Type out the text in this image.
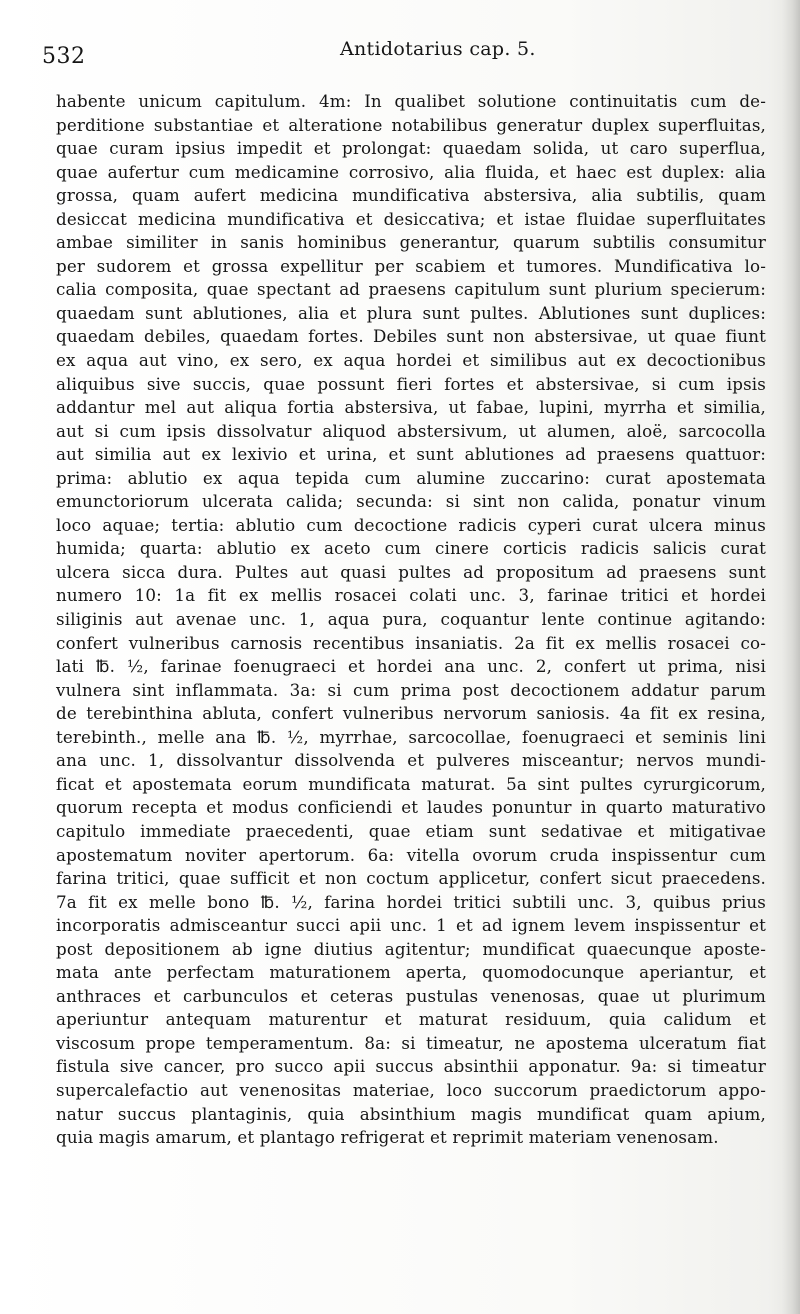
532	Antidotarius cap. 5.
habente unicum capitulum. 4m: In qualibet solutione continuitatis cum de-
perditione substantiae et alteratione notabilibus generatur duplex superfluitas,
quae curam ipsius impedit et prolongat: quaedam solida, ut caro superflua,
quae aufertur cum medicamine corrosivo, alia fluida, et haec est duplex: alia
grossa, quam aufert medicina mundificativa abstersiva, alia subtilis, quam
desiccat medicina mundificativa et desiccativa; et istae fluidae superfluitates
ambae similiter in sanis hominibus generantur, quarum subtilis consumitur
per sudorem et grossa expellitur per scabiem et tumores. Mundificativa lo-
calia composita, quae spectant ad praesens capitulum sunt plurium specierum:
quaedam sunt ablutiones, alia et plura sunt pultes. Ablutiones sunt duplices:
quaedam debiles, quaedam fortes. Debiles sunt non abstersivae, ut quae fiunt
ex aqua aut vino, ex sero, ex aqua hordei et similibus aut ex decoctionibus
aliquibus sive succis, quae possunt fieri fortes et abstersivae, si cum ipsis
addantur mel aut aliqua fortia abstersiva, ut fabae, lupini, myrrha et similia,
aut si cum ipsis dissolvatur aliquod abstersivum, ut alumen, aloë, sarcocolla
aut similia aut ex lexivio et urina, et sunt ablutiones ad praesens quattuor:
prima: ablutio ex aqua tepida cum alumine zuccarino: curat apostemata
emunctoriorum ulcerata calida; secunda: si sint non calida, ponatur vinum
loco aquae; tertia: ablutio cum decoctione radicis cyperi curat ulcera minus
humida; quarta: ablutio ex aceto cum cinere corticis radicis salicis curat
ulcera sicca dura. Pultes aut quasi pultes ad propositum ad praesens sunt
numero 10: 1a fit ex mellis rosacei colati unc. 3, farinae tritici et hordei
siliginis aut avenae unc. 1, aqua pura, coquantur lente continue agitando:
confert vulneribus carnosis recentibus insaniatis. 2a fit ex mellis rosacei co-
lati ℔. ½, farinae foenugraeci et hordei ana unc. 2, confert ut prima, nisi
vulnera sint inflammata. 3a: si cum prima post decoctionem addatur parum
de terebinthina abluta, confert vulneribus nervorum saniosis. 4a fit ex resina,
terebinth., melle ana ℔. ½, myrrhae, sarcocollae, foenugraeci et seminis lini
ana unc. 1, dissolvantur dissolvenda et pulveres misceantur; nervos mundi-
ficat et apostemata eorum mundificata maturat. 5a sint pultes cyrurgicorum,
quorum recepta et modus conficiendi et laudes ponuntur in quarto maturativo
capitulo immediate praecedenti, quae etiam sunt sedativae et mitigativae
apostematum noviter apertorum. 6a: vitella ovorum cruda inspissentur cum
farina tritici, quae sufficit et non coctum applicetur, confert sicut praecedens.
7a fit ex melle bono ℔. ½, farina hordei tritici subtili unc. 3, quibus prius
incorporatis admisceantur succi apii unc. 1 et ad ignem levem inspissentur et
post depositionem ab igne diutius agitentur; mundificat quaecunque aposte-
mata ante perfectam maturationem aperta, quomodocunque aperiantur, et
anthraces et carbunculos et ceteras pustulas venenosas, quae ut plurimum
aperiuntur antequam maturentur et maturat residuum, quia calidum et
viscosum prope temperamentum. 8a: si timeatur, ne apostema ulceratum fiat
fistula sive cancer, pro succo apii succus absinthii apponatur. 9a: si timeatur
supercalefactio aut venenositas materiae, loco succorum praedictorum appo-
natur succus plantaginis, quia absinthium magis mundificat quam apium,
quia magis amarum, et plantago refrigerat et reprimit materiam venenosam.
